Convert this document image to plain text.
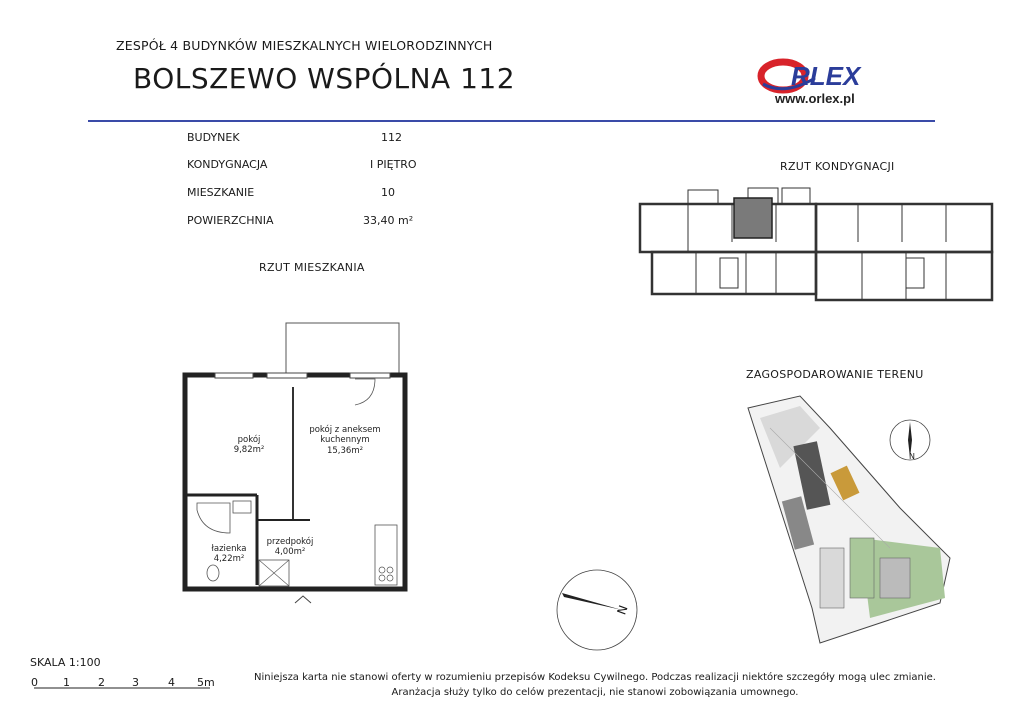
ZESPÓŁ 4 BUDYNKÓW MIESZKALNYCH WIELORODZINNYCH
BOLSZEWO WSPÓLNA 112	RLEX
www.orlex.pl
BUDYNEK	112
KONDYGNACJA	I PIĘTRO
MIESZKANIE	10
POWIERZCHNIA	33,40 m²
RZUT MIESZKANIA
RZUT KONDYGNACJI
ZAGOSPODAROWANIE TERENU
pokój
9,82m²
pokój z aneksem
kuchennym
15,36m²
łazienka
4,22m²
przedpokój
4,00m²
N
N
SKALA 1:100
0 1	2 3	4 5m	Niniejsza karta nie stanowi oferty w rozumieniu przepisów Kodeksu Cywilnego. Podczas realizacji niektóre szczegóły mogą ulec zmianie.
Aranżacja służy tylko do celów prezentacji, nie stanowi zobowiązania umownego.
